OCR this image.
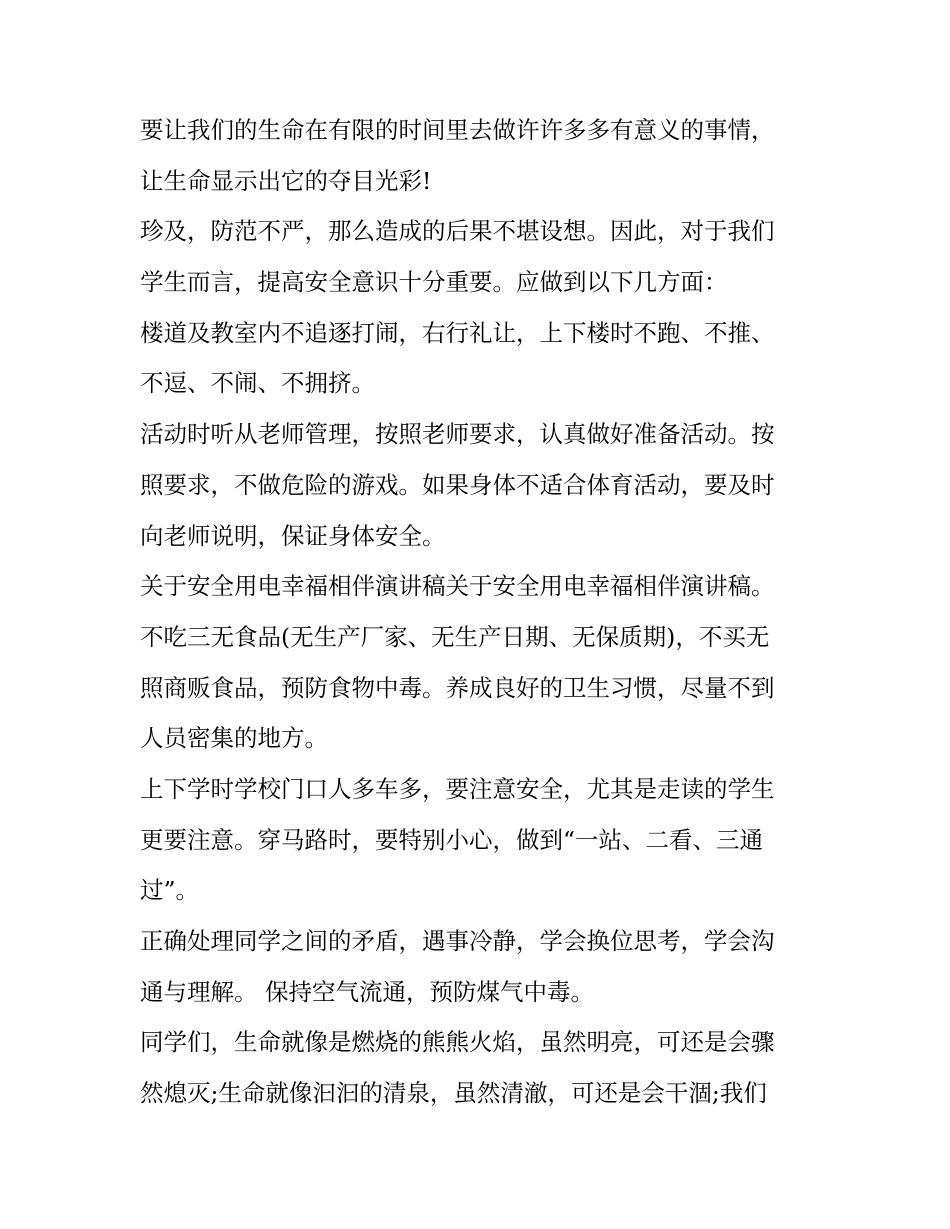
要让我们的生命在有限的时间里去做许许多多有意义的事情，
让生命显示出它的夺目光彩!
珍及，防范不严，那么造成的后果不堪设想。因此，对于我们
学生而言，提高安全意识十分重要。应做到以下几方面：
楼道及教室内不追逐打闹，右行礼让，上下楼时不跑、不推、
不逗、不闹、不拥挤。
活动时听从老师管理，按照老师要求，认真做好准备活动。按
照要求，不做危险的游戏。如果身体不适合体育活动，要及时
向老师说明，保证身体安全。
关于安全用电幸福相伴演讲稿关于安全用电幸福相伴演讲稿。
不吃三无食品(无生产厂家、无生产日期、无保质期)，不买无
照商贩食品，预防食物中毒。养成良好的卫生习惯，尽量不到
人员密集的地方。
上下学时学校门口人多车多，要注意安全，尤其是走读的学生
更要注意。穿马路时，要特别小心，做到“一站、二看、三通
过”。
正确处理同学之间的矛盾，遇事冷静，学会换位思考，学会沟
通与理解。 保持空气流通，预防煤气中毒。
同学们，生命就像是燃烧的熊熊火焰，虽然明亮，可还是会骤
然熄灭;生命就像汩汩的清泉，虽然清澈，可还是会干涸;我们
